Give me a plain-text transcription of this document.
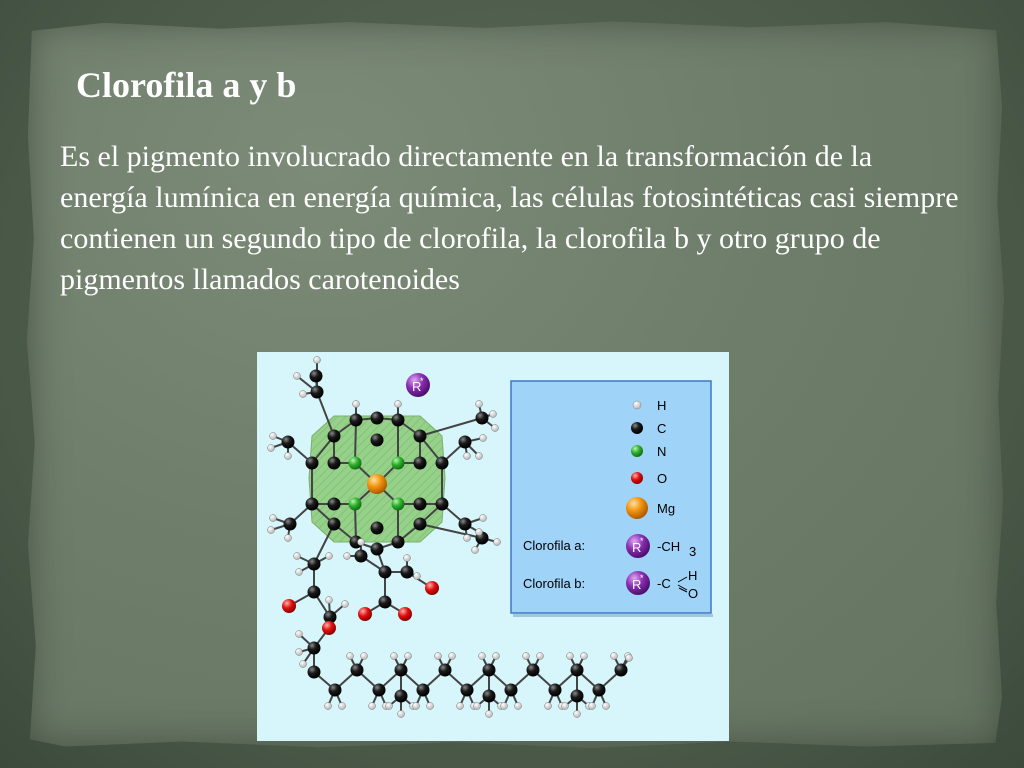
Clorofila a y b

Es el pigmento involucrado directamente en la transformación de la energía lumínica en energía química, las células fotosintéticas casi siempre contienen un segundo tipo de clorofila, la clorofila b y otro grupo de pigmentos llamados carotenoides

R
*
H
C
N
O
Mg
Clorofila a:	R
* -CH 3
Clorofila b:	R
* -C
H
O
